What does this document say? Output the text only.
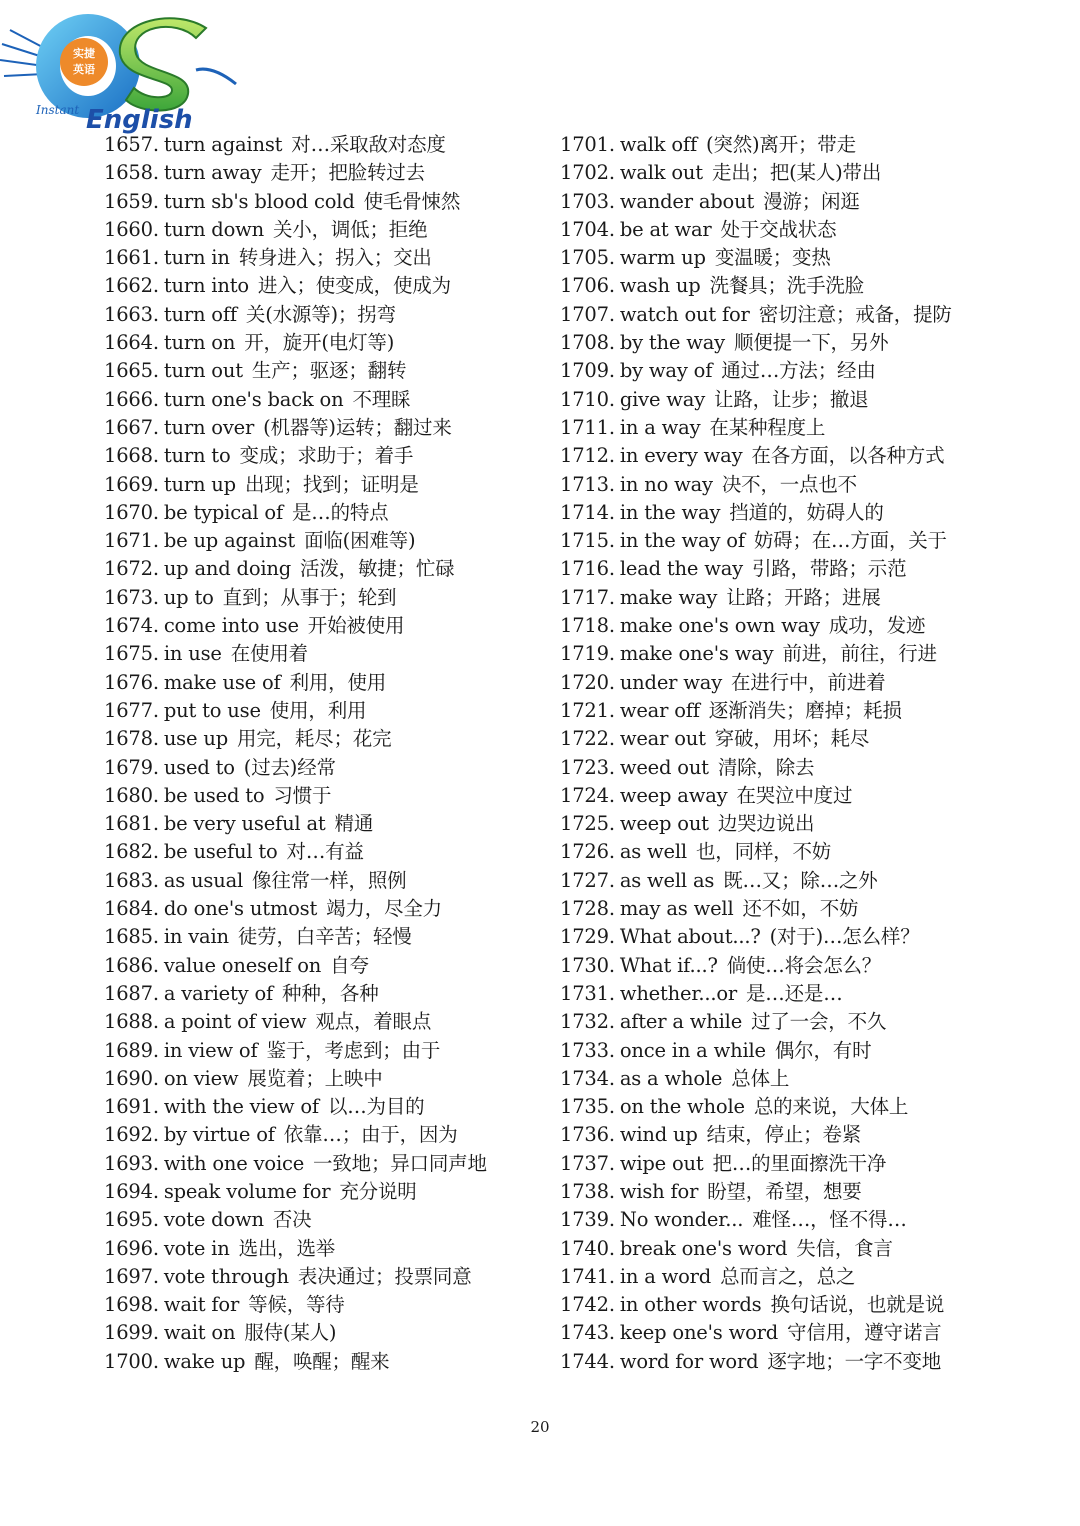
实捷
英语
Instant English
1657. turn against 对…采取敌对态度
1658. turn away 走开；把脸转过去
1659. turn sb's blood cold 使毛骨悚然
1660. turn down 关小，调低；拒绝
1661. turn in 转身进入；拐入；交出
1662. turn into 进入；使变成，使成为
1663. turn off 关(水源等)；拐弯
1664. turn on 开，旋开(电灯等)
1665. turn out 生产；驱逐；翻转
1666. turn one's back on 不理睬
1667. turn over (机器等)运转；翻过来
1668. turn to 变成；求助于；着手
1669. turn up 出现；找到；证明是
1670. be typical of 是…的特点
1671. be up against 面临(困难等)
1672. up and doing 活泼，敏捷；忙碌
1673. up to 直到；从事于；轮到
1674. come into use 开始被使用
1675. in use 在使用着
1676. make use of 利用，使用
1677. put to use 使用，利用
1678. use up 用完，耗尽；花完
1679. used to (过去)经常
1680. be used to 习惯于
1681. be very useful at 精通
1682. be useful to 对…有益
1683. as usual 像往常一样，照例
1684. do one's utmost 竭力，尽全力
1685. in vain 徒劳，白辛苦；轻慢
1686. value oneself on 自夸
1687. a variety of 种种，各种
1688. a point of view 观点，着眼点
1689. in view of 鉴于，考虑到；由于
1690. on view 展览着；上映中
1691. with the view of 以…为目的
1692. by virtue of 依靠…；由于，因为
1693. with one voice 一致地；异口同声地
1694. speak volume for 充分说明
1695. vote down 否决
1696. vote in 选出，选举
1697. vote through 表决通过；投票同意
1698. wait for 等候，等待
1699. wait on 服侍(某人)
1700. wake up 醒，唤醒；醒来
1701. walk off (突然)离开；带走
1702. walk out 走出；把(某人)带出
1703. wander about 漫游；闲逛
1704. be at war 处于交战状态
1705. warm up 变温暖；变热
1706. wash up 洗餐具；洗手洗脸
1707. watch out for 密切注意；戒备，提防
1708. by the way 顺便提一下，另外
1709. by way of 通过…方法；经由
1710. give way 让路，让步；撤退
1711. in a way 在某种程度上
1712. in every way 在各方面，以各种方式
1713. in no way 决不，一点也不
1714. in the way 挡道的，妨碍人的
1715. in the way of 妨碍；在…方面，关于
1716. lead the way 引路，带路；示范
1717. make way 让路；开路；进展
1718. make one's own way 成功，发迹
1719. make one's way 前进，前往，行进
1720. under way 在进行中，前进着
1721. wear off 逐渐消失；磨掉；耗损
1722. wear out 穿破，用坏；耗尽
1723. weed out 清除，除去
1724. weep away 在哭泣中度过
1725. weep out 边哭边说出
1726. as well 也，同样，不妨
1727. as well as 既…又；除…之外
1728. may as well 还不如，不妨
1729. What about...? (对于)…怎么样？
1730. What if...? 倘使…将会怎么？
1731. whether...or 是…还是…
1732. after a while 过了一会，不久
1733. once in a while 偶尔，有时
1734. as a whole 总体上
1735. on the whole 总的来说，大体上
1736. wind up 结束，停止；卷紧
1737. wipe out 把…的里面擦洗干净
1738. wish for 盼望，希望，想要
1739. No wonder... 难怪…，怪不得…
1740. break one's word 失信，食言
1741. in a word 总而言之，总之
1742. in other words 换句话说，也就是说
1743. keep one's word 守信用，遵守诺言
1744. word for word 逐字地；一字不变地
20
